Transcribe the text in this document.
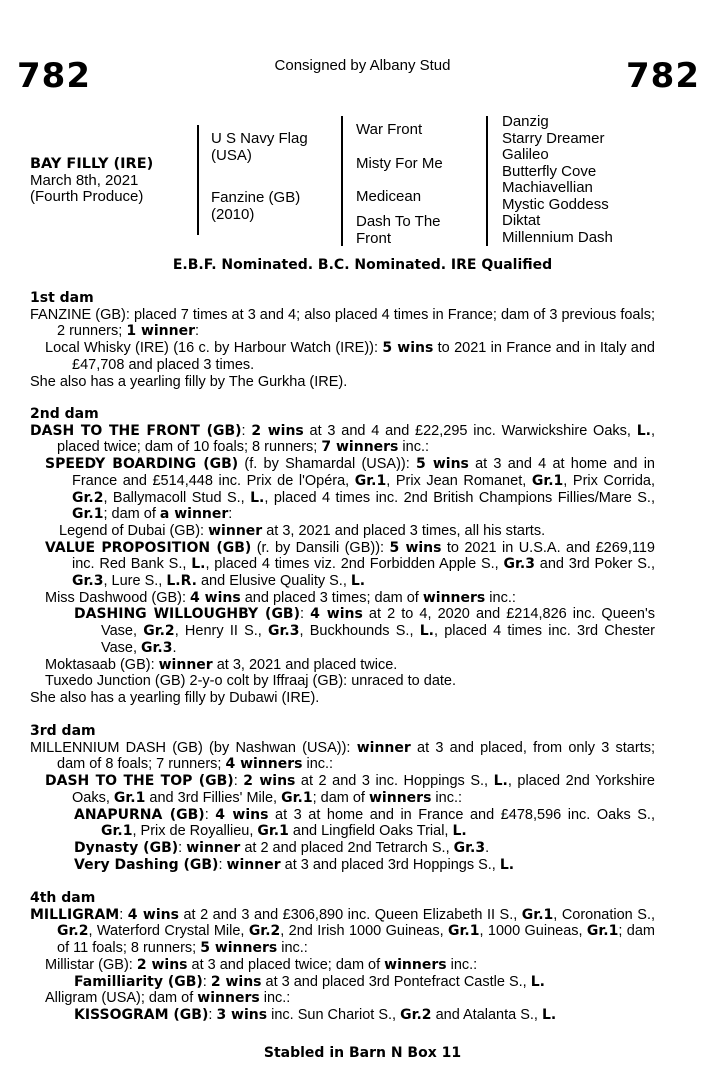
782	Consigned by Albany Stud	782
BAY FILLY (IRE)
March 8th, 2021
(Fourth Produce)
U S Navy Flag (USA)
Fanzine (GB) (2010)
War Front
Misty For Me
Medicean
Dash To The Front
Danzig
Starry Dreamer
Galileo
Butterfly Cove
Machiavellian
Mystic Goddess
Diktat
Millennium Dash
E.B.F. Nominated. B.C. Nominated. IRE Qualified
1st dam

FANZINE (GB): placed 7 times at 3 and 4; also placed 4 times in France; dam of 3 previous foals; 2 runners; 1 winner:

Local Whisky (IRE) (16 c. by Harbour Watch (IRE)): 5 wins to 2021 in France and in Italy and £47,708 and placed 3 times.

She also has a yearling filly by The Gurkha (IRE).

2nd dam

DASH TO THE FRONT (GB): 2 wins at 3 and 4 and £22,295 inc. Warwickshire Oaks, L., placed twice; dam of 10 foals; 8 runners; 7 winners inc.:

SPEEDY BOARDING (GB) (f. by Shamardal (USA)): 5 wins at 3 and 4 at home and in France and £514,448 inc. Prix de l'Opéra, Gr.1, Prix Jean Romanet, Gr.1, Prix Corrida, Gr.2, Ballymacoll Stud S., L., placed 4 times inc. 2nd British Champions Fillies/Mare S., Gr.1; dam of a winner:

Legend of Dubai (GB): winner at 3, 2021 and placed 3 times, all his starts.

VALUE PROPOSITION (GB) (r. by Dansili (GB)): 5 wins to 2021 in U.S.A. and £269,119 inc. Red Bank S., L., placed 4 times viz. 2nd Forbidden Apple S., Gr.3 and 3rd Poker S., Gr.3, Lure S., L.R. and Elusive Quality S., L.

Miss Dashwood (GB): 4 wins and placed 3 times; dam of winners inc.:

DASHING WILLOUGHBY (GB): 4 wins at 2 to 4, 2020 and £214,826 inc. Queen's Vase, Gr.2, Henry II S., Gr.3, Buckhounds S., L., placed 4 times inc. 3rd Chester Vase, Gr.3.

Moktasaab (GB): winner at 3, 2021 and placed twice.

Tuxedo Junction (GB) 2-y-o colt by Iffraaj (GB): unraced to date.

She also has a yearling filly by Dubawi (IRE).

3rd dam

MILLENNIUM DASH (GB) (by Nashwan (USA)): winner at 3 and placed, from only 3 starts; dam of 8 foals; 7 runners; 4 winners inc.:

DASH TO THE TOP (GB): 2 wins at 2 and 3 inc. Hoppings S., L., placed 2nd Yorkshire Oaks, Gr.1 and 3rd Fillies' Mile, Gr.1; dam of winners inc.:

ANAPURNA (GB): 4 wins at 3 at home and in France and £478,596 inc. Oaks S., Gr.1, Prix de Royallieu, Gr.1 and Lingfield Oaks Trial, L.

Dynasty (GB): winner at 2 and placed 2nd Tetrarch S., Gr.3.

Very Dashing (GB): winner at 3 and placed 3rd Hoppings S., L.

4th dam

MILLIGRAM: 4 wins at 2 and 3 and £306,890 inc. Queen Elizabeth II S., Gr.1, Coronation S., Gr.2, Waterford Crystal Mile, Gr.2, 2nd Irish 1000 Guineas, Gr.1, 1000 Guineas, Gr.1; dam of 11 foals; 8 runners; 5 winners inc.:

Millistar (GB): 2 wins at 3 and placed twice; dam of winners inc.:

Familliarity (GB): 2 wins at 3 and placed 3rd Pontefract Castle S., L.

Alligram (USA); dam of winners inc.:

KISSOGRAM (GB): 3 wins inc. Sun Chariot S., Gr.2 and Atalanta S., L.

Stabled in Barn N Box 11
